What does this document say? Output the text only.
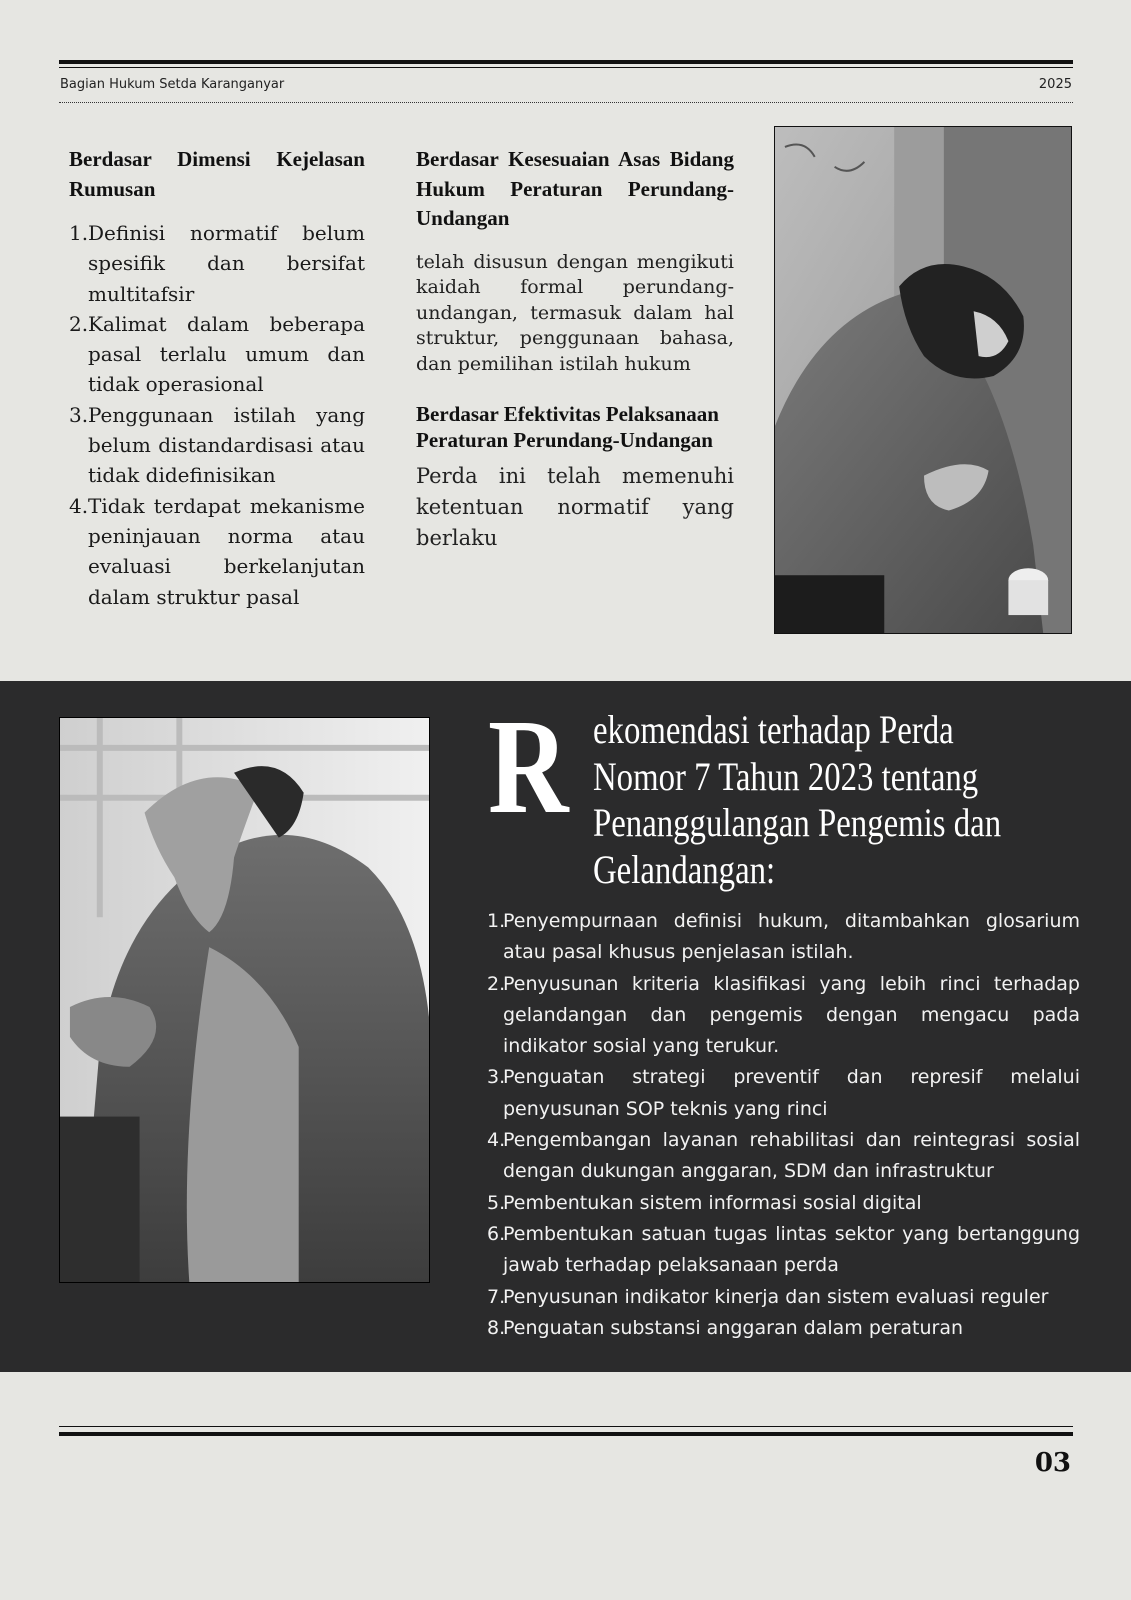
Bagian Hukum Setda Karanganyar	2025
Berdasar Dimensi Kejelasan Rumusan
1. Definisi normatif belum spesifik dan bersifat multitafsir
2. Kalimat dalam beberapa pasal terlalu umum dan tidak operasional
3. Penggunaan istilah yang belum distandardisasi atau tidak didefinisikan
4. Tidak terdapat mekanisme peninjauan norma atau evaluasi berkelanjutan dalam struktur pasal
Berdasar Kesesuaian Asas Bidang Hukum Peraturan Perundang-Undangan

telah disusun dengan mengikuti kaidah formal perundang-undangan, termasuk dalam hal struktur, penggunaan bahasa, dan pemilihan istilah hukum

Berdasar Efektivitas Pelaksanaan Peraturan Perundang-Undangan

Perda ini telah memenuhi ketentuan normatif yang berlaku

R ekomendasi terhadap Perda
Nomor 7 Tahun 2023 tentang
Penanggulangan Pengemis dan
Gelandangan:
1.
Penyempurnaan definisi hukum, ditambahkan glosarium atau pasal khusus penjelasan istilah.
2.
Penyusunan kriteria klasifikasi yang lebih rinci terhadap gelandangan dan pengemis dengan mengacu pada indikator sosial yang terukur.
3.
Penguatan strategi preventif dan represif melalui penyusunan SOP teknis yang rinci
4.
Pengembangan layanan rehabilitasi dan reintegrasi sosial dengan dukungan anggaran, SDM dan infrastruktur
5.
Pembentukan sistem informasi sosial digital
6.
Pembentukan satuan tugas lintas sektor yang bertanggung jawab terhadap pelaksanaan perda
7.
Penyusunan indikator kinerja dan sistem evaluasi reguler
8.
Penguatan substansi anggaran dalam peraturan
03
